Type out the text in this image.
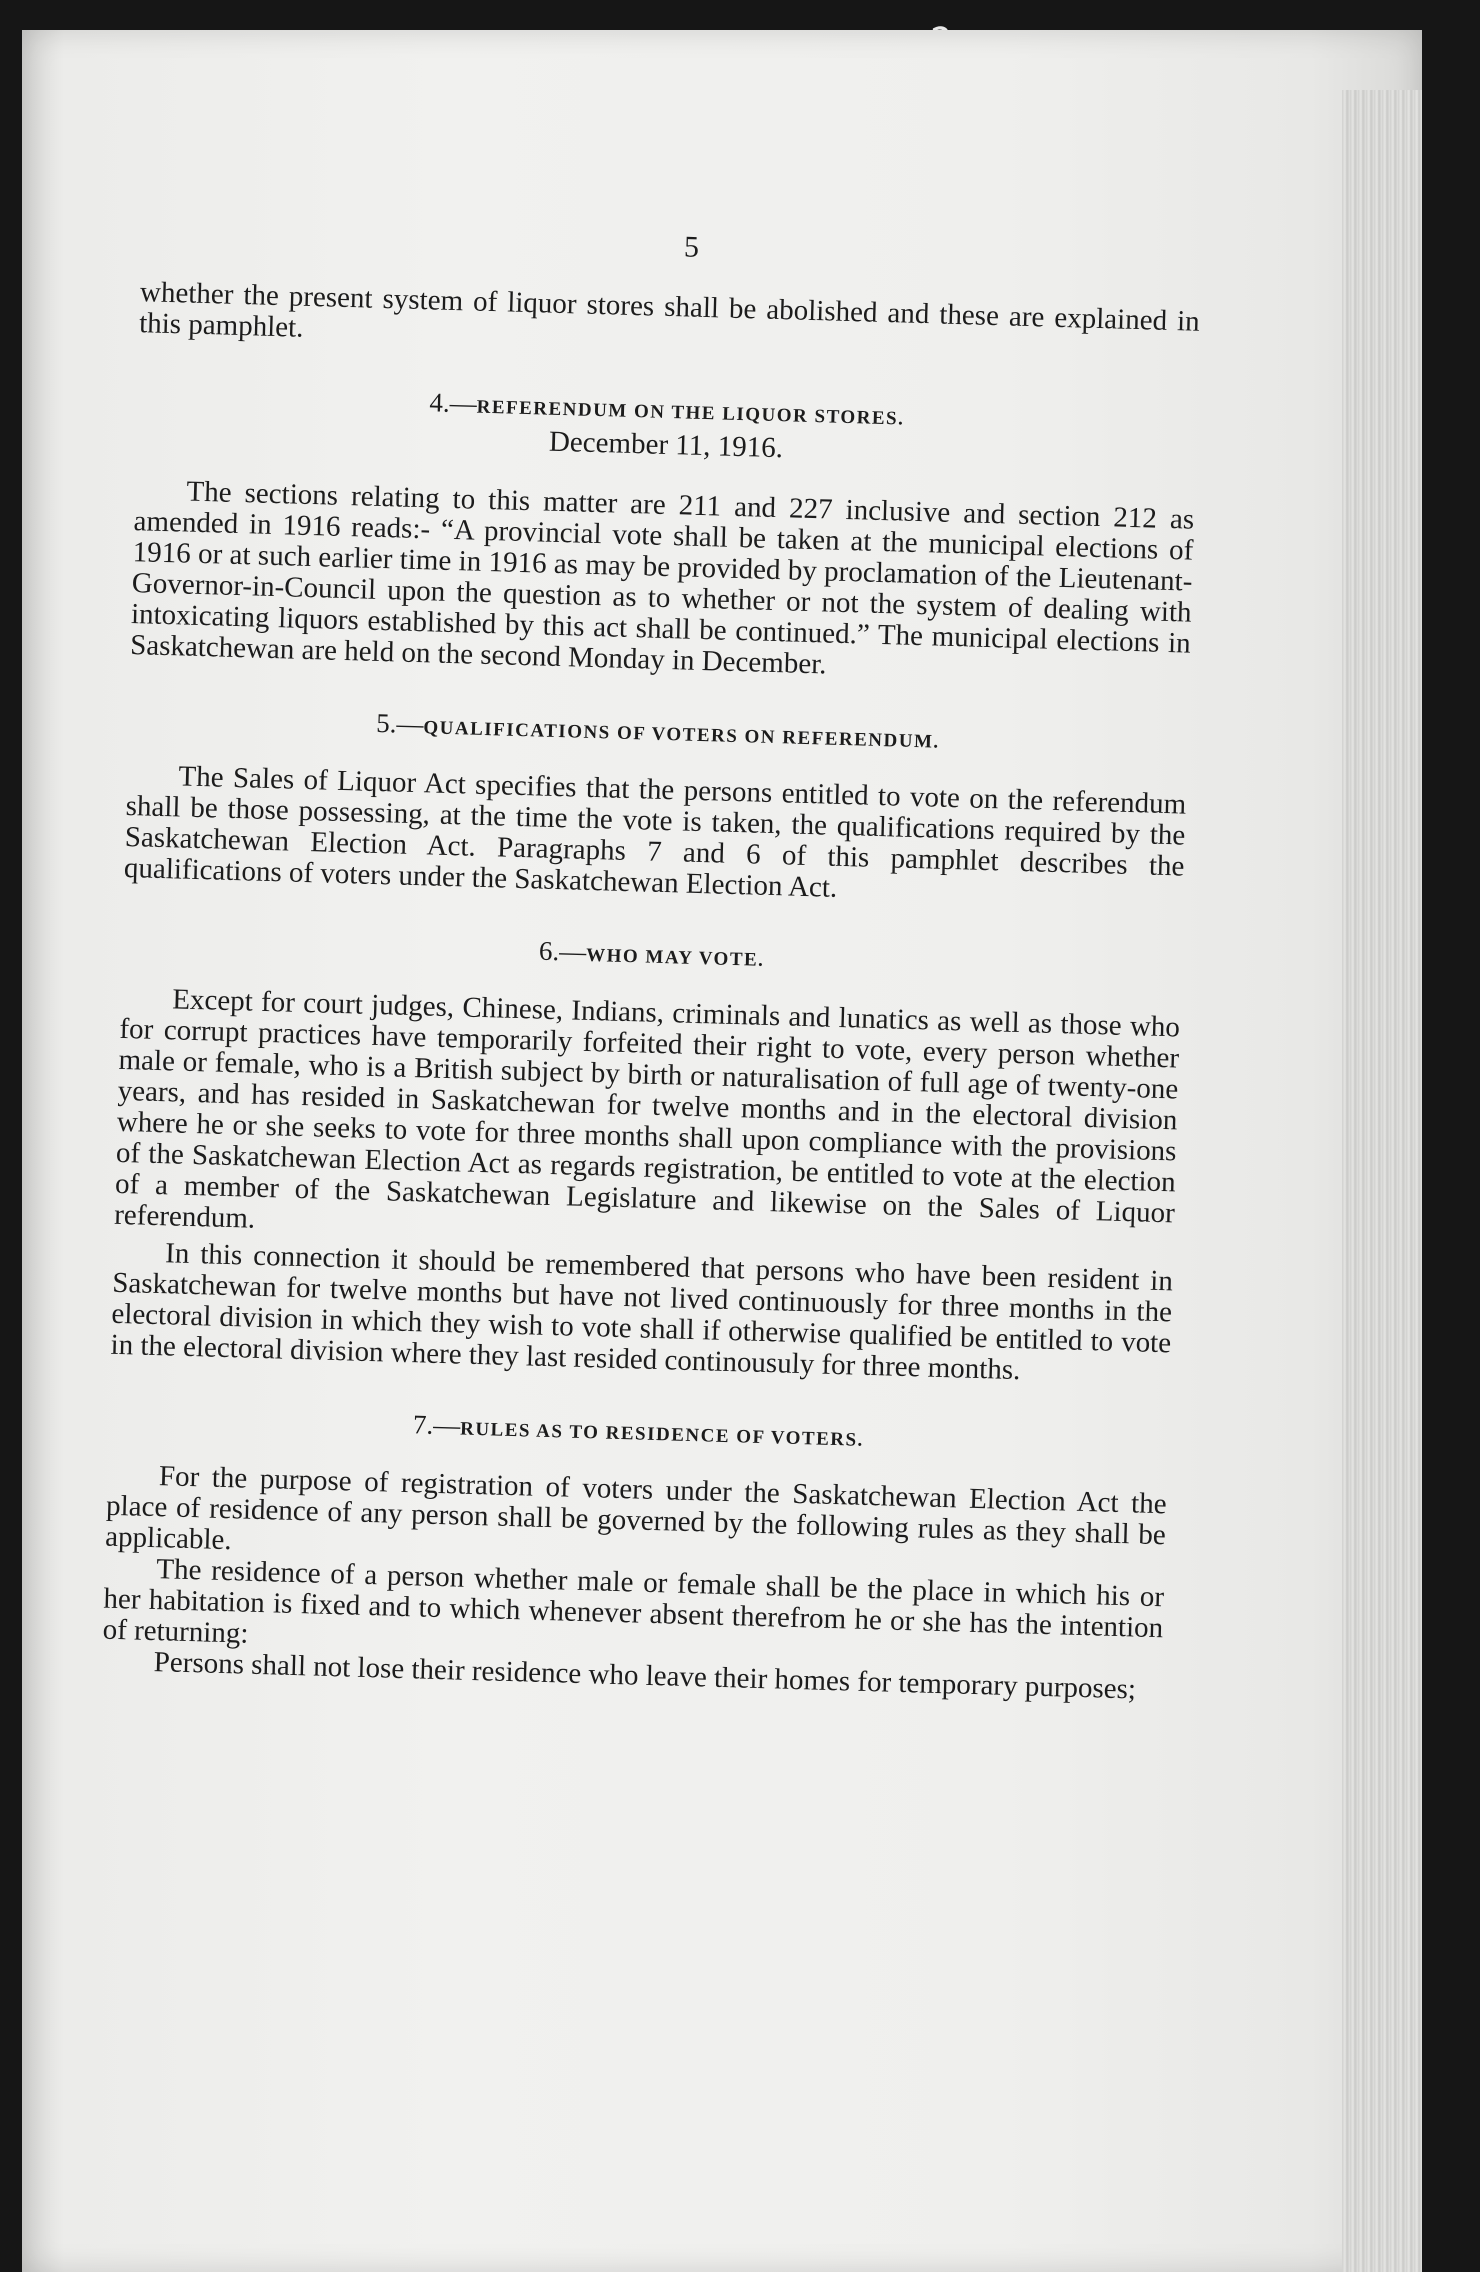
5

whether the present system of liquor stores shall be abolished and these are explained in this pamphlet.

4.—REFERENDUM ON THE LIQUOR STORES.
December 11, 1916.

The sections relating to this matter are 211 and 227 inclusive and section 212 as amended in 1916 reads:- “A provincial vote shall be taken at the municipal elections of 1916 or at such earlier time in 1916 as may be provided by proclamation of the Lieutenant-Governor-in-Council upon the question as to whether or not the system of dealing with intoxicating liquors established by this act shall be continued.” The municipal elections in Saskatchewan are held on the second Monday in December.

5.—QUALIFICATIONS OF VOTERS ON REFERENDUM.

The Sales of Liquor Act specifies that the persons entitled to vote on the referendum shall be those possessing, at the time the vote is taken, the qualifications required by the Saskatchewan Election Act. Paragraphs 7 and 6 of this pamphlet describes the qualifications of voters under the Saskatchewan Election Act.

6.—WHO MAY VOTE.

Except for court judges, Chinese, Indians, criminals and lunatics as well as those who for corrupt practices have temporarily forfeited their right to vote, every person whether male or female, who is a British subject by birth or naturalisation of full age of twenty-one years, and has resided in Saskatchewan for twelve months and in the electoral division where he or she seeks to vote for three months shall upon compliance with the provisions of the Saskatchewan Election Act as regards registration, be entitled to vote at the election of a member of the Saskatchewan Legislature and likewise on the Sales of Liquor referendum.

In this connection it should be remembered that persons who have been resident in Saskatchewan for twelve months but have not lived continuously for three months in the electoral division in which they wish to vote shall if otherwise qualified be entitled to vote in the electoral division where they last resided continousuly for three months.

7.—RULES AS TO RESIDENCE OF VOTERS.

For the purpose of registration of voters under the Saskatchewan Election Act the place of residence of any person shall be governed by the following rules as they shall be applicable.

The residence of a person whether male or female shall be the place in which his or her habitation is fixed and to which whenever absent therefrom he or she has the intention of returning:

Persons shall not lose their residence who leave their homes for temporary purposes;
